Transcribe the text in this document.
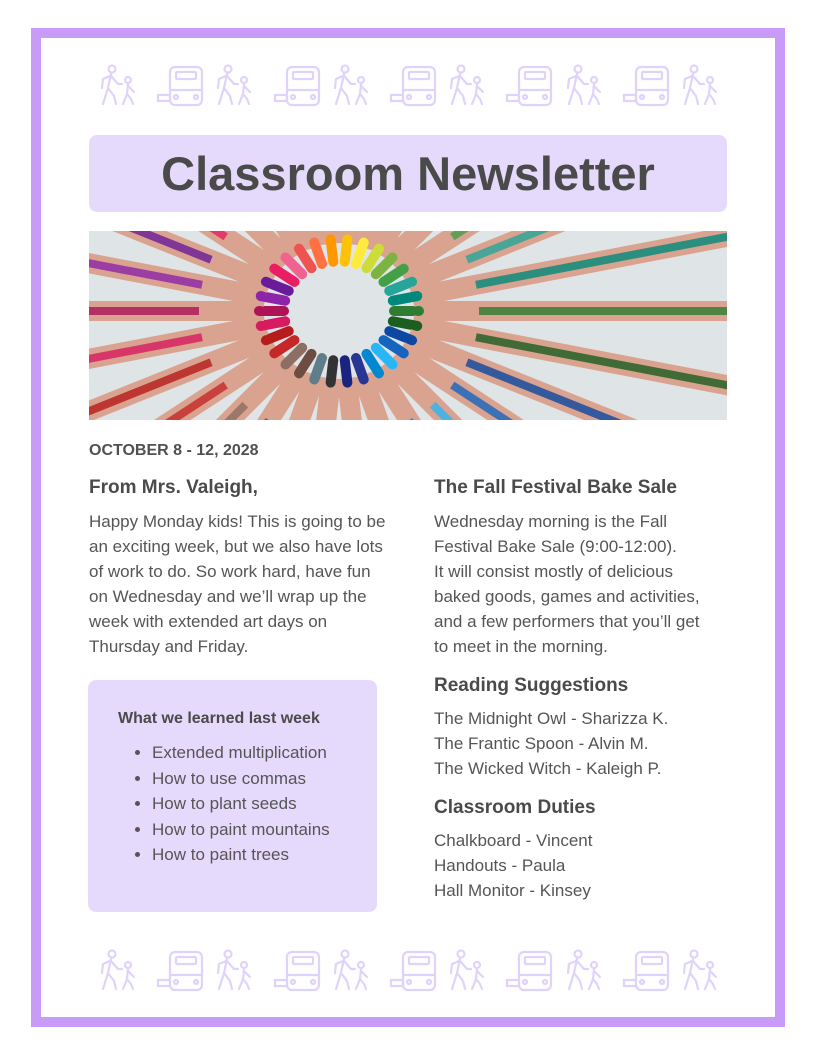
Classroom Newsletter
OCTOBER 8 - 12, 2028
From Mrs. Valeigh,

Happy Monday kids! This is going to be an exciting week, but we also have lots of work to do. So work hard, have fun on Wednesday and we’ll wrap up the week with extended art days on Thursday and Friday.

What we learned last week
• Extended multiplication
• How to use commas
• How to plant seeds
• How to paint mountains
• How to paint trees
The Fall Festival Bake Sale
Wednesday morning is the Fall
Festival Bake Sale (9:00-12:00).
It will consist mostly of delicious
baked goods, games and activities,
and a few performers that you’ll get
to meet in the morning.
Reading Suggestions
The Midnight Owl - Sharizza K.
The Frantic Spoon - Alvin M.
The Wicked Witch - Kaleigh P.
Classroom Duties
Chalkboard - Vincent
Handouts - Paula
Hall Monitor - Kinsey
